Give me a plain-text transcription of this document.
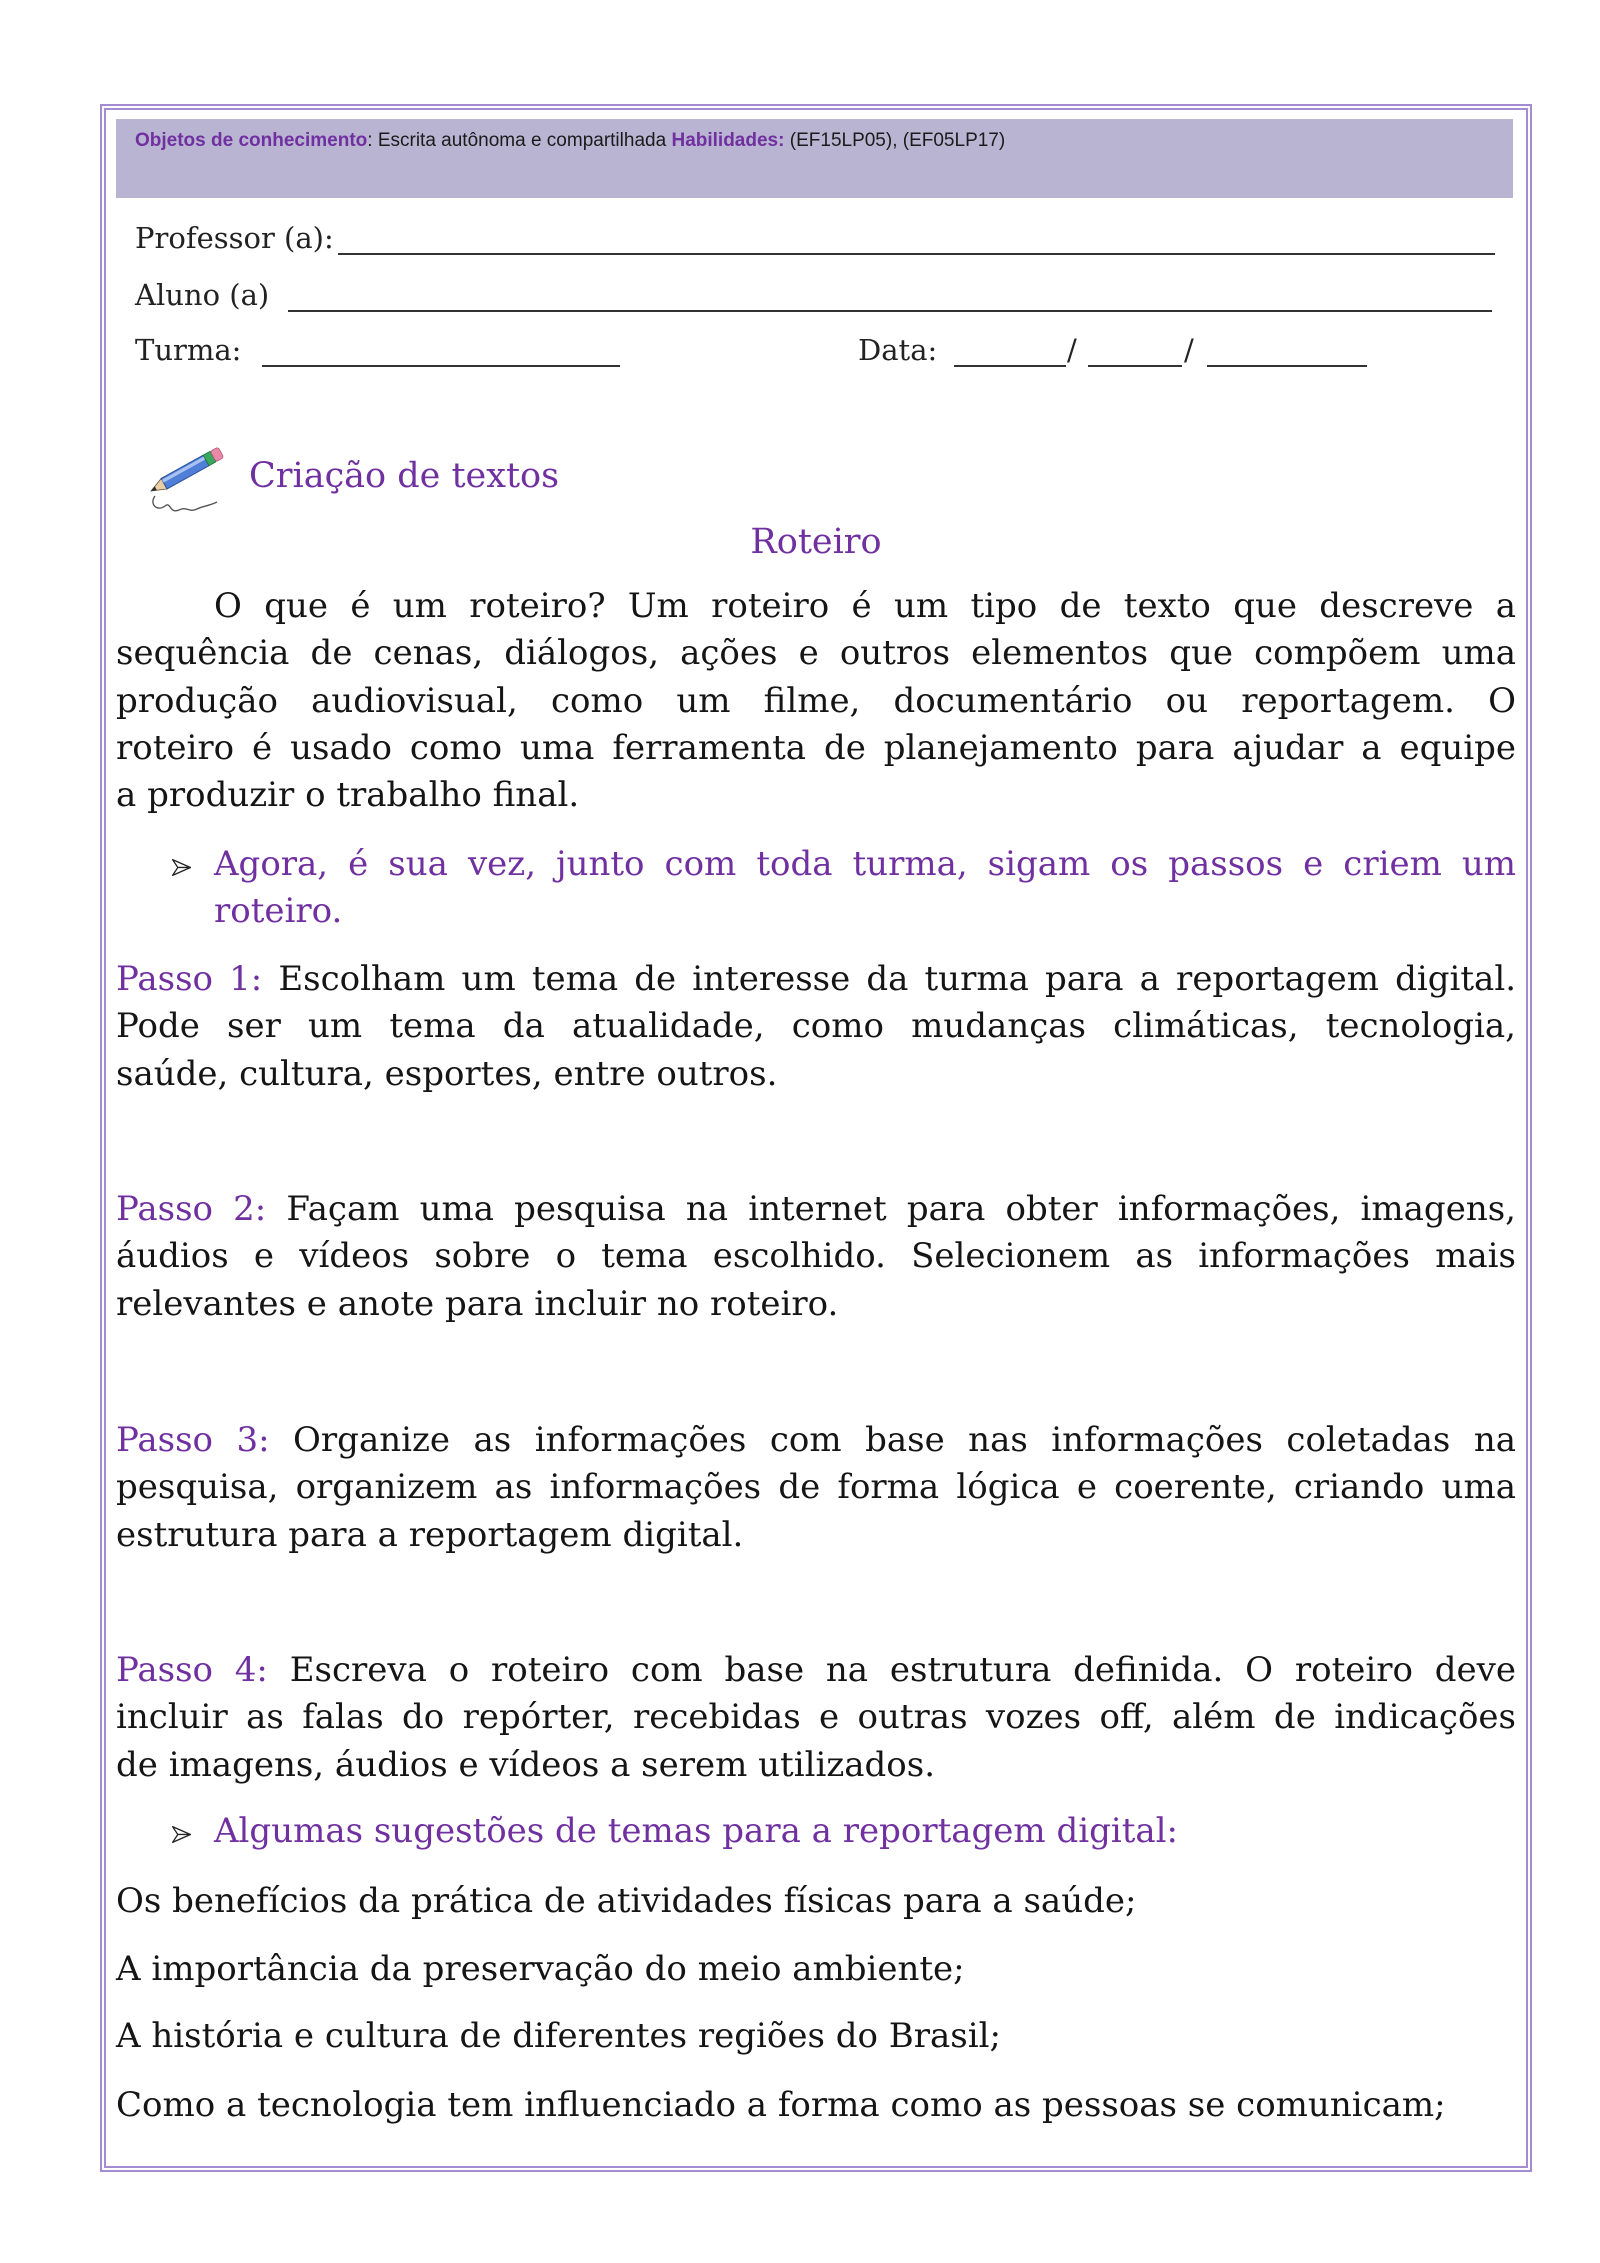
Objetos de conhecimento: Escrita autônoma e compartilhada Habilidades: (EF15LP05), (EF05LP17)
Professor (a):
Aluno (a)
Turma:	Data:	/	/
Criação de textos
Roteiro
O que é um roteiro? Um roteiro é um tipo de texto que descreve a
sequência de cenas, diálogos, ações e outros elementos que compõem uma
produção audiovisual, como um filme, documentário ou reportagem. O
roteiro é usado como uma ferramenta de planejamento para ajudar a equipe
a produzir o trabalho final.
Agora, é sua vez, junto com toda turma, sigam os passos e criem um
roteiro.
Passo 1: Escolham um tema de interesse da turma para a reportagem digital.
Pode ser um tema da atualidade, como mudanças climáticas, tecnologia,
saúde, cultura, esportes, entre outros.
Passo 2: Façam uma pesquisa na internet para obter informações, imagens,
áudios e vídeos sobre o tema escolhido. Selecionem as informações mais
relevantes e anote para incluir no roteiro.
Passo 3: Organize as informações com base nas informações coletadas na
pesquisa, organizem as informações de forma lógica e coerente, criando uma
estrutura para a reportagem digital.
Passo 4: Escreva o roteiro com base na estrutura definida. O roteiro deve
incluir as falas do repórter, recebidas e outras vozes off, além de indicações
de imagens, áudios e vídeos a serem utilizados.
Algumas sugestões de temas para a reportagem digital:
Os benefícios da prática de atividades físicas para a saúde;
A importância da preservação do meio ambiente;
A história e cultura de diferentes regiões do Brasil;
Como a tecnologia tem influenciado a forma como as pessoas se comunicam;
